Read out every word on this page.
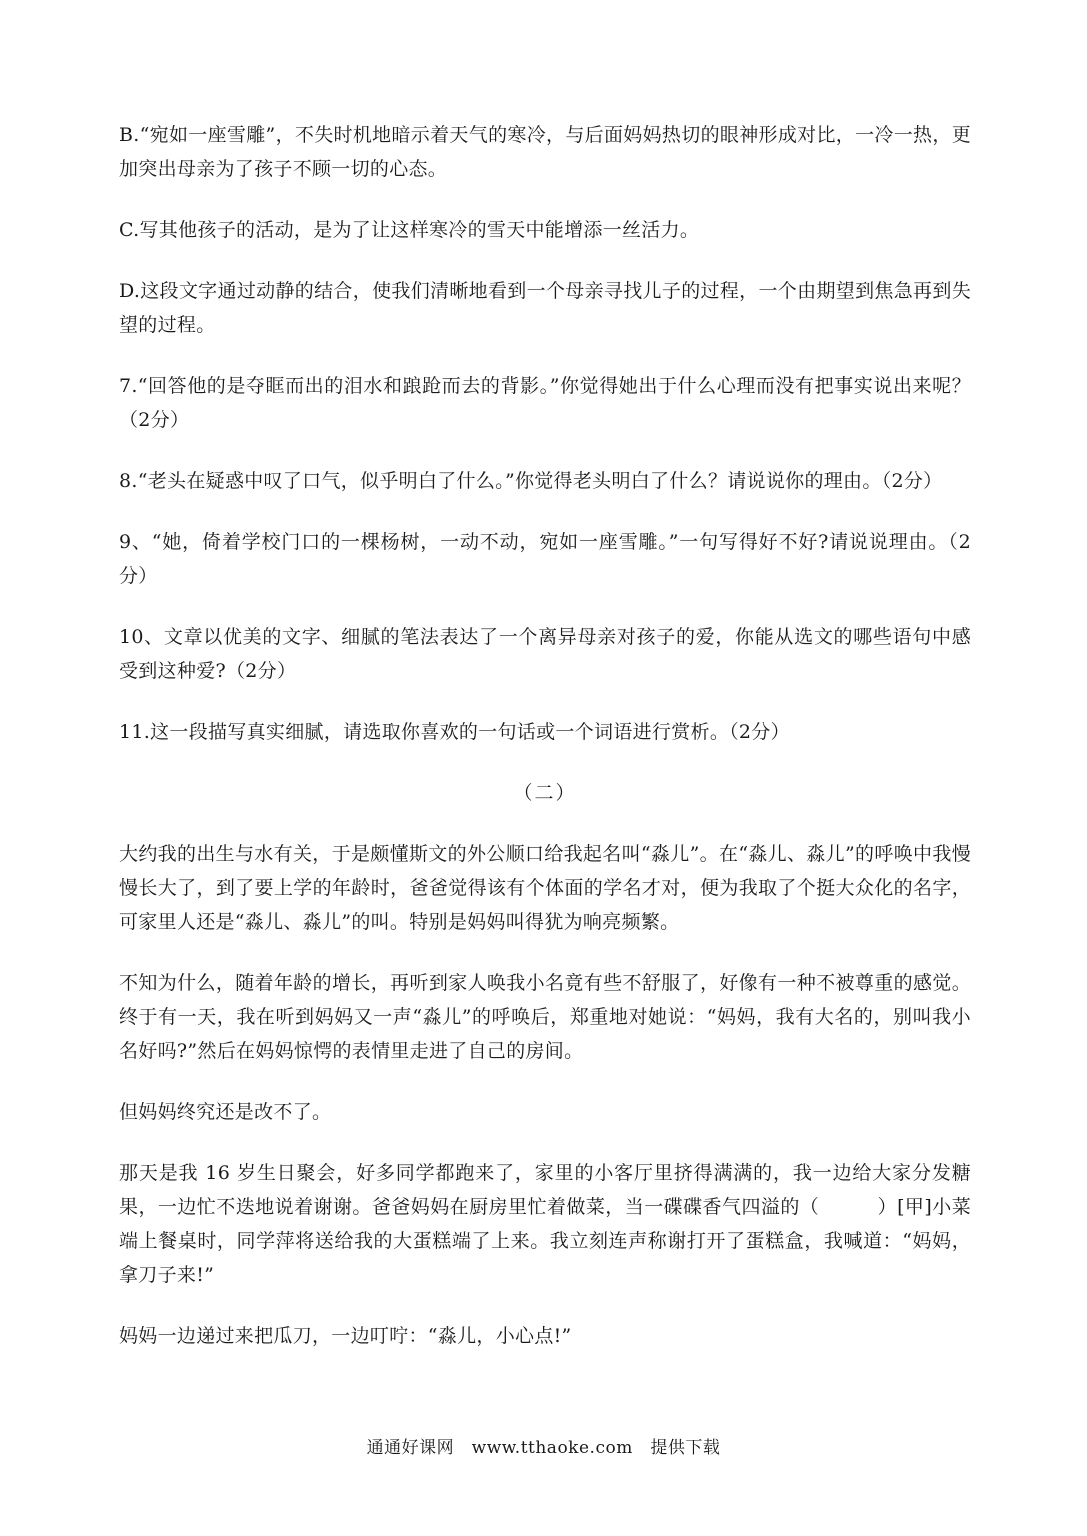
B.“宛如一座雪雕”，不失时机地暗示着天气的寒冷，与后面妈妈热切的眼神形成对比，一冷一热，更加突出母亲为了孩子不顾一切的心态。

C.写其他孩子的活动，是为了让这样寒冷的雪天中能增添一丝活力。

D.这段文字通过动静的结合，使我们清晰地看到一个母亲寻找儿子的过程，一个由期望到焦急再到失望的过程。

7.“回答他的是夺眶而出的泪水和踉跄而去的背影。”你觉得她出于什么心理而没有把事实说出来呢？（2分）

8.“老头在疑惑中叹了口气，似乎明白了什么。”你觉得老头明白了什么？请说说你的理由。（2分）

9、“她，倚着学校门口的一棵杨树，一动不动，宛如一座雪雕。”一句写得好不好?请说说理由。（2分）

10、文章以优美的文字、细腻的笔法表达了一个离异母亲对孩子的爱，你能从选文的哪些语句中感受到这种爱?（2分）

11.这一段描写真实细腻，请选取你喜欢的一句话或一个词语进行赏析。（2分）

（二）

大约我的出生与水有关，于是颇懂斯文的外公顺口给我起名叫“淼儿”。在“淼儿、淼儿”的呼唤中我慢慢长大了，到了要上学的年龄时，爸爸觉得该有个体面的学名才对，便为我取了个挺大众化的名字，可家里人还是“淼儿、淼儿”的叫。特别是妈妈叫得犹为响亮频繁。

不知为什么，随着年龄的增长，再听到家人唤我小名竟有些不舒服了，好像有一种不被尊重的感觉。终于有一天，我在听到妈妈又一声“淼儿”的呼唤后，郑重地对她说：“妈妈，我有大名的，别叫我小名好吗?”然后在妈妈惊愕的表情里走进了自己的房间。

但妈妈终究还是改不了。

那天是我 16 岁生日聚会，好多同学都跑来了，家里的小客厅里挤得满满的，我一边给大家分发糖果，一边忙不迭地说着谢谢。爸爸妈妈在厨房里忙着做菜，当一碟碟香气四溢的（　　　）[甲]小菜端上餐桌时，同学萍将送给我的大蛋糕端了上来。我立刻连声称谢打开了蛋糕盒，我喊道：“妈妈，拿刀子来!”

妈妈一边递过来把瓜刀，一边叮咛：“淼儿，小心点!”

通通好课网　www.tthaoke.com　提供下载
